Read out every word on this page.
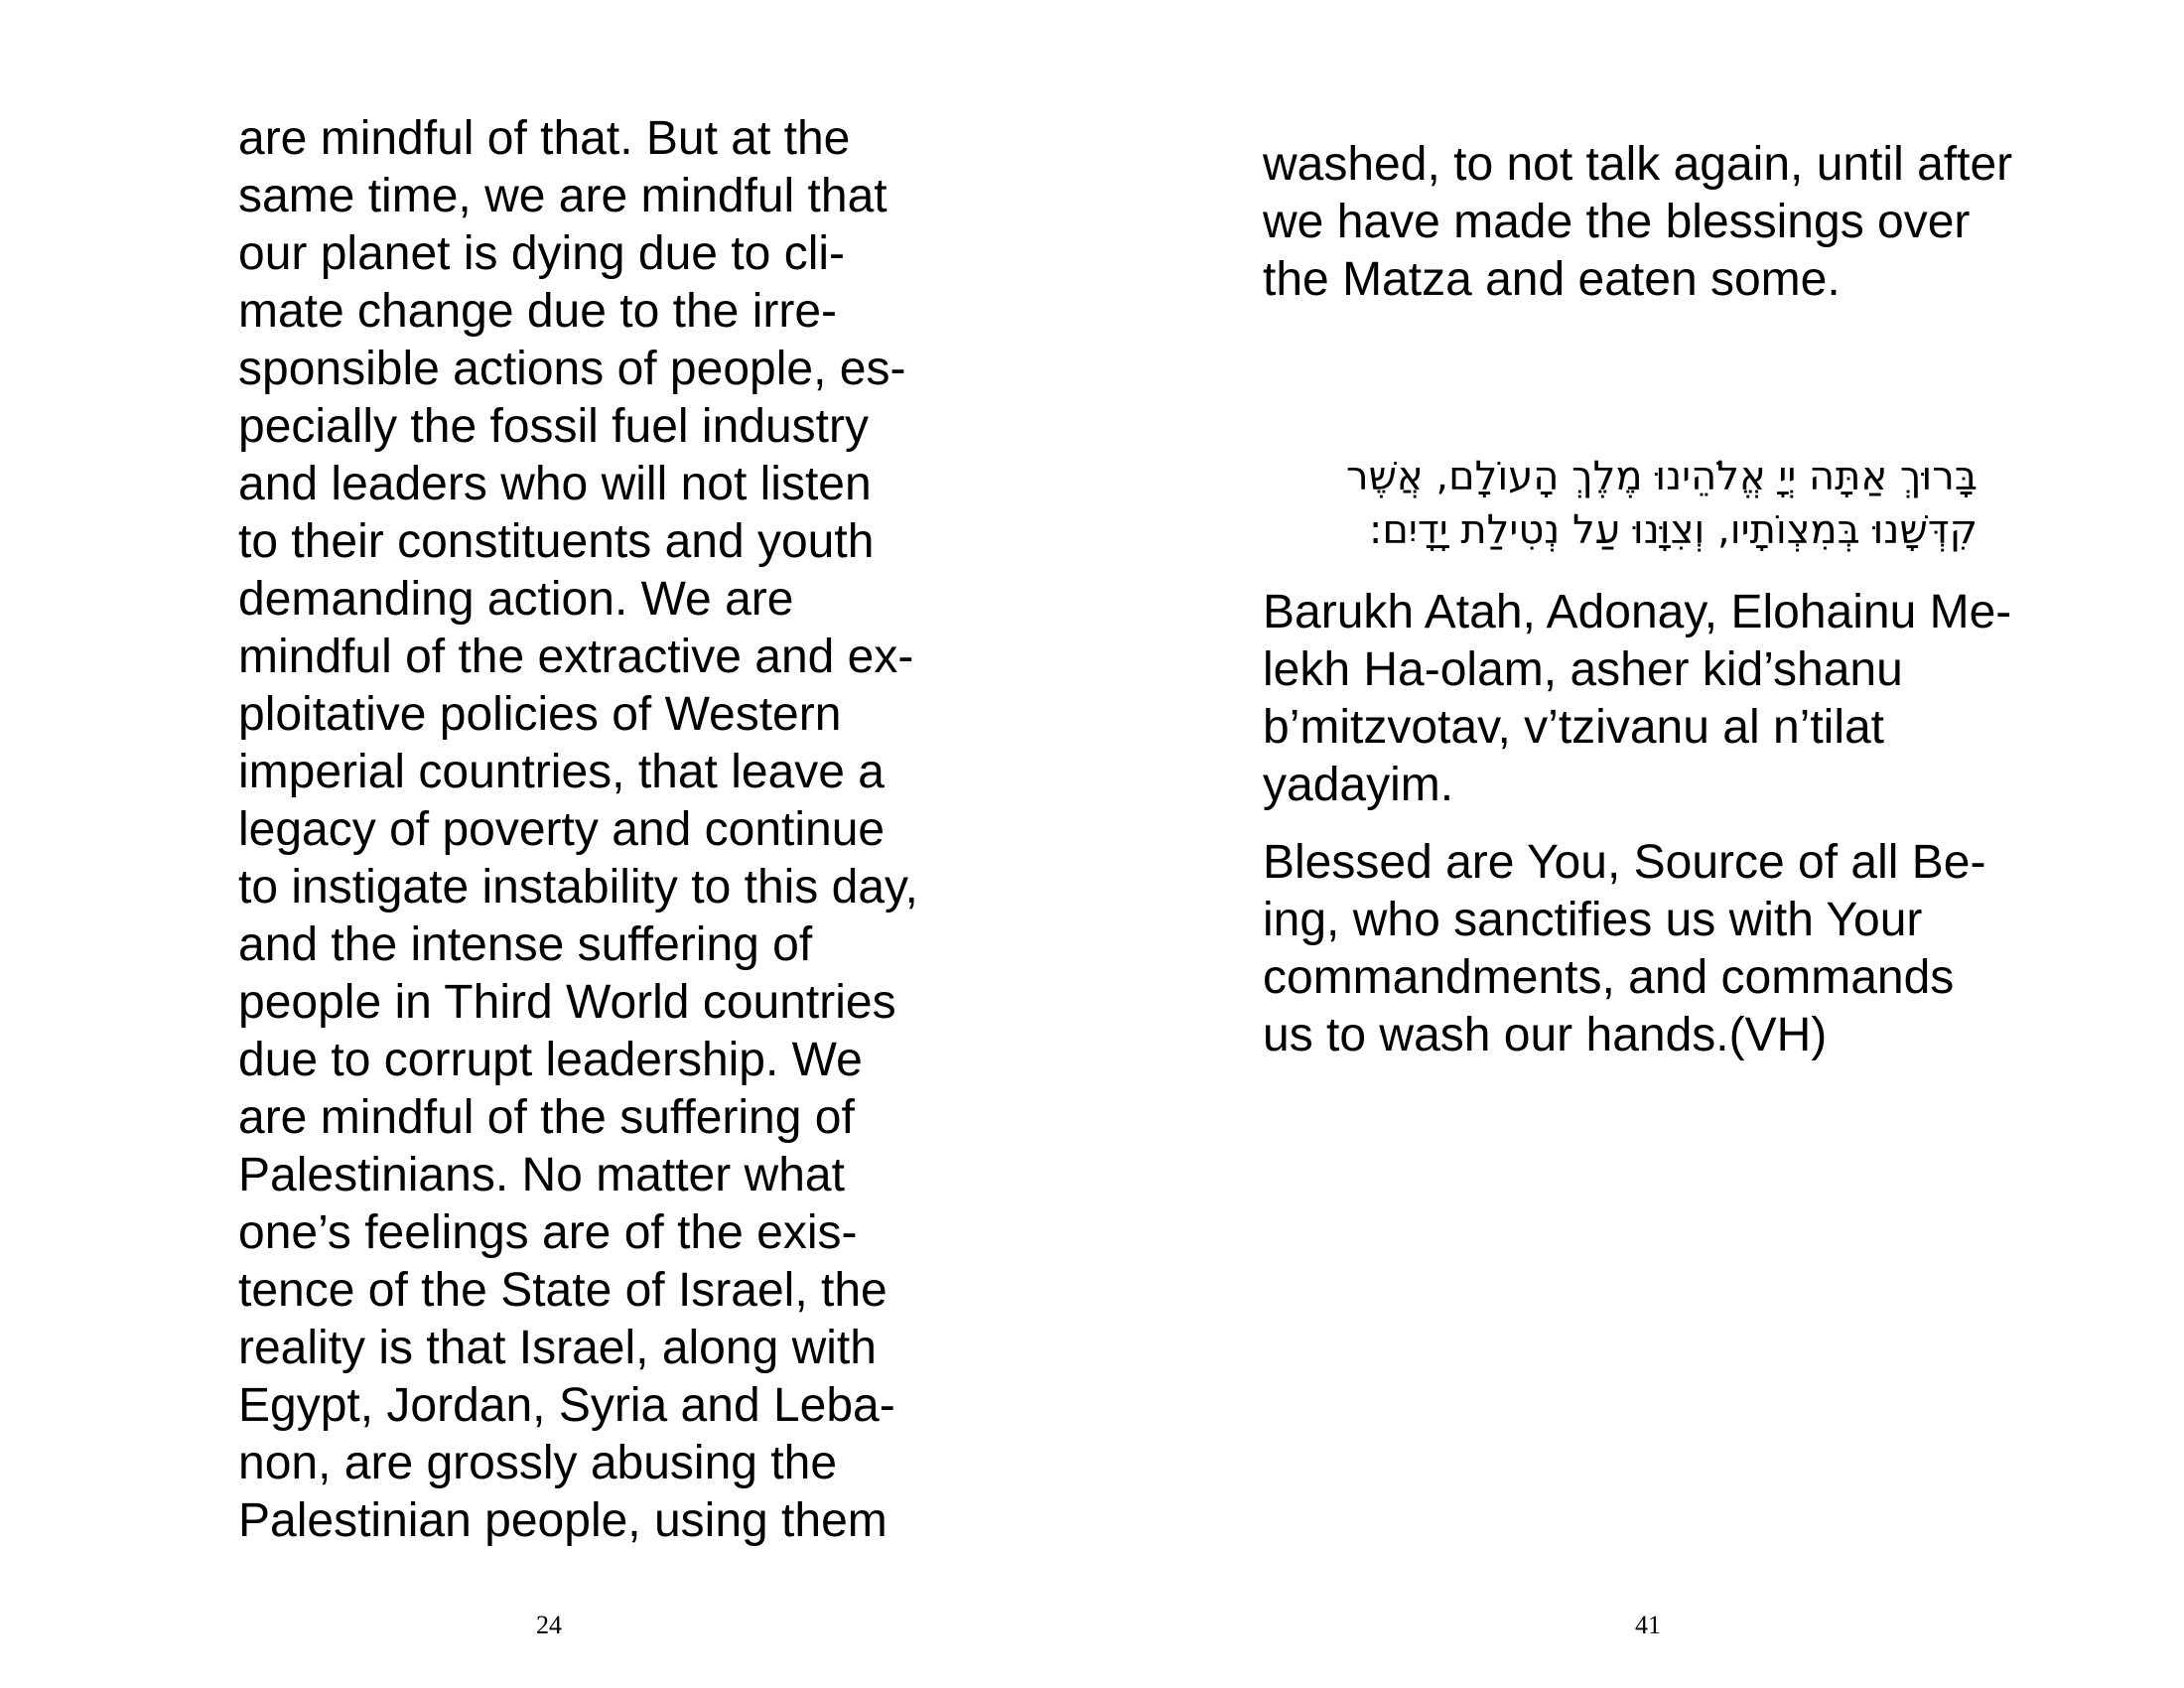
are mindful of that. But at the
same time, we are mindful that
our planet is dying due to cli-
mate change due to the irre-
sponsible actions of people, es-
pecially the fossil fuel industry
and leaders who will not listen
to their constituents and youth
demanding action. We are
mindful of the extractive and ex-
ploitative policies of Western
imperial countries, that leave a
legacy of poverty and continue
to instigate instability to this day,
and the intense suffering of
people in Third World countries
due to corrupt leadership. We
are mindful of the suffering of
Palestinians. No matter what
one’s feelings are of the exis-
tence of the State of Israel, the
reality is that Israel, along with
Egypt, Jordan, Syria and Leba-
non, are grossly abusing the
Palestinian people, using them
24
washed, to not talk again, until after
we have made the blessings over
the Matza and eaten some.
בָּרוּךְ אַתָּה יְיָ אֱלֹהֵינוּ מֶלֶךְ הָעוֹלָם, אֲשֶׁר
קִדְּשָׁנוּ בְּמִצְוֹתָיו, וְצִוָּנוּ עַל נְטִילַת יָדָיִם:
Barukh Atah, Adonay, Elohainu Me-
lekh Ha-olam, asher kid’shanu
b’mitzvotav, v’tzivanu al n’tilat
yadayim.
Blessed are You, Source of all Be-
ing, who sanctifies us with Your
commandments, and commands
us to wash our hands.(VH)
41
